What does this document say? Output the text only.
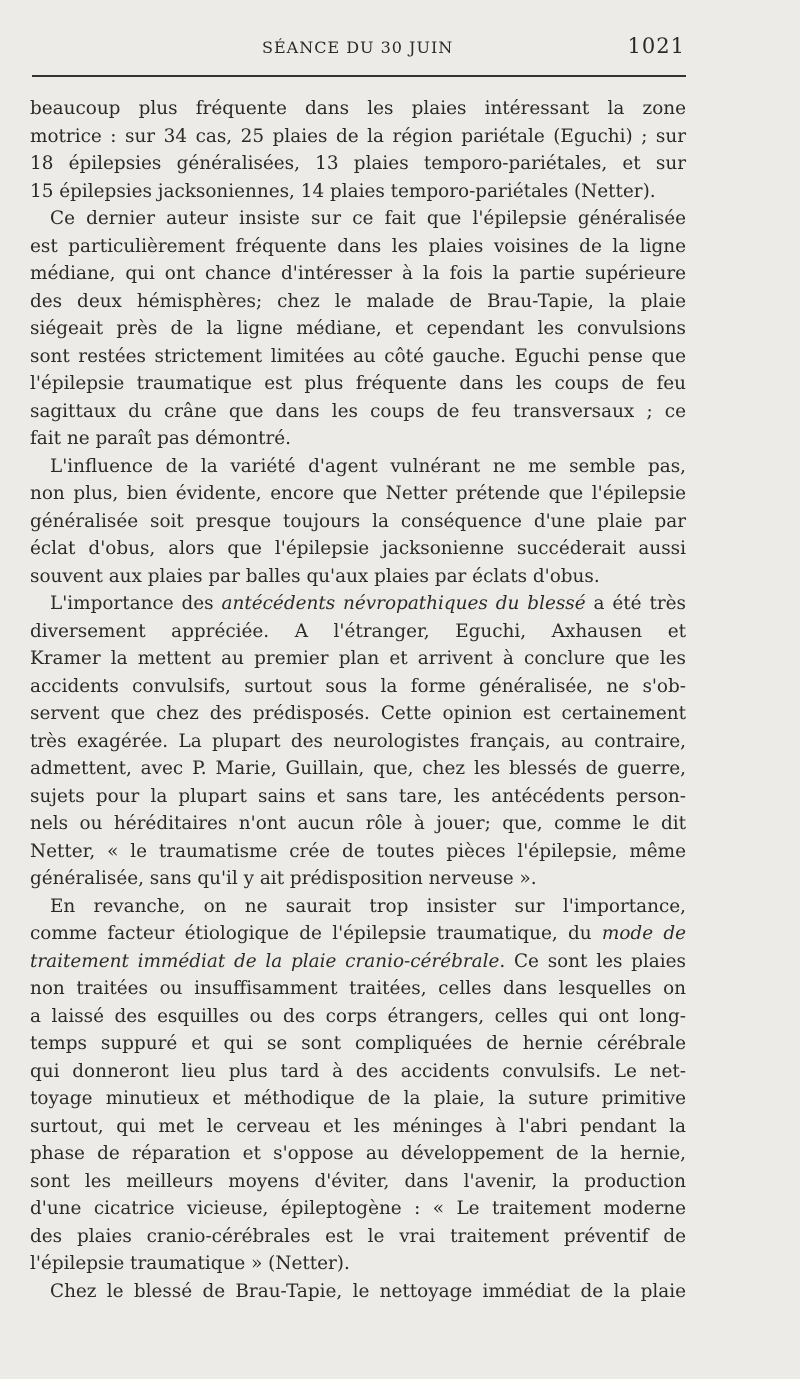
SÉANCE DU 30 JUIN	1021
beaucoup plus fréquente dans les plaies intéressant la zone
motrice : sur 34 cas, 25 plaies de la région pariétale (Eguchi) ; sur
18 épilepsies généralisées, 13 plaies temporo-pariétales, et sur
15 épilepsies jacksoniennes, 14 plaies temporo-pariétales (Netter).
Ce dernier auteur insiste sur ce fait que l'épilepsie généralisée
est particulièrement fréquente dans les plaies voisines de la ligne
médiane, qui ont chance d'intéresser à la fois la partie supérieure
des deux hémisphères; chez le malade de Brau-Tapie, la plaie
siégeait près de la ligne médiane, et cependant les convulsions
sont restées strictement limitées au côté gauche. Eguchi pense que
l'épilepsie traumatique est plus fréquente dans les coups de feu
sagittaux du crâne que dans les coups de feu transversaux ; ce
fait ne paraît pas démontré.
L'influence de la variété d'agent vulnérant ne me semble pas,
non plus, bien évidente, encore que Netter prétende que l'épilepsie
généralisée soit presque toujours la conséquence d'une plaie par
éclat d'obus, alors que l'épilepsie jacksonienne succéderait aussi
souvent aux plaies par balles qu'aux plaies par éclats d'obus.
L'importance des antécédents névropathiques du blessé a été très
diversement appréciée. A l'étranger, Eguchi, Axhausen et
Kramer la mettent au premier plan et arrivent à conclure que les
accidents convulsifs, surtout sous la forme généralisée, ne s'ob-
servent que chez des prédisposés. Cette opinion est certainement
très exagérée. La plupart des neurologistes français, au contraire,
admettent, avec P. Marie, Guillain, que, chez les blessés de guerre,
sujets pour la plupart sains et sans tare, les antécédents person-
nels ou héréditaires n'ont aucun rôle à jouer; que, comme le dit
Netter, « le traumatisme crée de toutes pièces l'épilepsie, même
généralisée, sans qu'il y ait prédisposition nerveuse ».
En revanche, on ne saurait trop insister sur l'importance,
comme facteur étiologique de l'épilepsie traumatique, du mode de
traitement immédiat de la plaie cranio-cérébrale. Ce sont les plaies
non traitées ou insuffisamment traitées, celles dans lesquelles on
a laissé des esquilles ou des corps étrangers, celles qui ont long-
temps suppuré et qui se sont compliquées de hernie cérébrale
qui donneront lieu plus tard à des accidents convulsifs. Le net-
toyage minutieux et méthodique de la plaie, la suture primitive
surtout, qui met le cerveau et les méninges à l'abri pendant la
phase de réparation et s'oppose au développement de la hernie,
sont les meilleurs moyens d'éviter, dans l'avenir, la production
d'une cicatrice vicieuse, épileptogène : « Le traitement moderne
des plaies cranio-cérébrales est le vrai traitement préventif de
l'épilepsie traumatique » (Netter).
Chez le blessé de Brau-Tapie, le nettoyage immédiat de la plaie
